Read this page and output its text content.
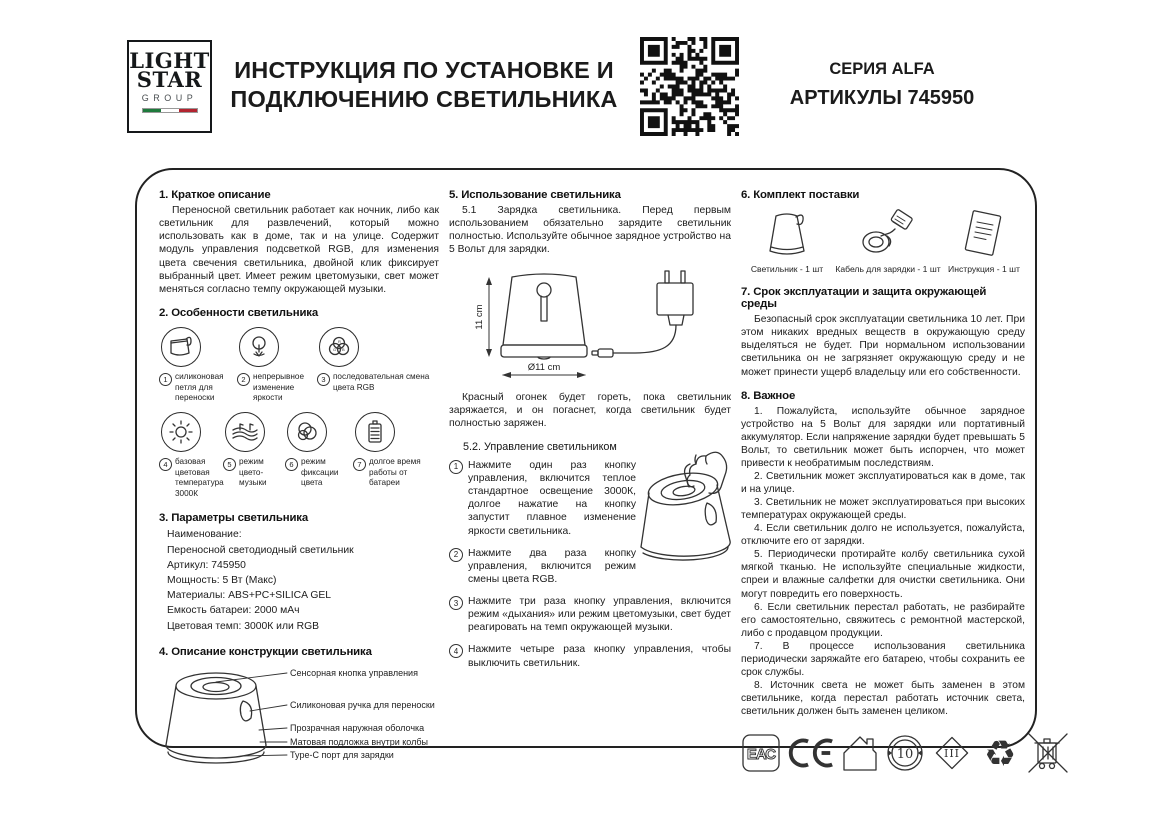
LIGHT
STAR
GROUP
ИНСТРУКЦИЯ ПО УСТАНОВКЕ И
ПОДКЛЮЧЕНИЮ СВЕТИЛЬНИКА
СЕРИЯ ALFA
АРТИКУЛЫ 745950
1. Краткое описание

Переносной светильник работает как ночник, либо как светильник для развлечений, который можно использовать как в доме, так и на улице. Содержит модуль управления подсветкой RGB, для изменения цвета свечения светильника, двойной клик фиксирует выбранный цвет. Имеет режим цветомузыки, свет может меняться согласно темпу окружающей музыки.

2. Особенности светильника
1 силиконовая петля для переноски
2 непрерывное изменение яркости
R
G B
3 последовательная смена цвета RGB
4 базовая цветовая температура 3000К
5 режим цвето- музыки
6 режим фиксации цвета
7 долгое время работы от батареи
3. Параметры светильника
Наименование:
Переносной светодиодный светильник
Артикул: 745950
Мощность: 5 Вт (Макс)
Материалы: ABS+PC+SILICA GEL
Емкость батареи: 2000 мАч
Цветовая темп: 3000К или RGB
4. Описание конструкции светильника
Сенсорная кнопка управления
Силиконовая ручка для переноски
Прозрачная наружная оболочка
Матовая подложка внутри колбы
Type-C порт для зарядки
5. Использование светильника

5.1 Зарядка светильника. Перед первым использованием обязательно зарядите светильник полностью. Используйте обычное зарядное устройство на 5 Вольт для зарядки.

11 cm
Ø11 cm

Красный огонек будет гореть, пока светильник заряжается, и он погаснет, когда светильник будет полностью заряжен.

5.2. Управление светильником
1 Нажмите один раз кнопку управления, включится теплое стандартное освещение 3000К, долгое нажатие на кнопку запустит плавное изменение яркости светильника.

2 Нажмите два раза кнопку управления, включится режим смены цвета RGB.

3 Нажмите три раза кнопку управления, включится режим «дыхания» или режим цветомузыки, свет будет реагировать на темп окружающей музыки.

4 Нажмите четыре раза кнопку управления, чтобы выключить светильник.

6. Комплект поставки
Светильник - 1 шт Кабель для зарядки - 1 шт Инструкция - 1 шт
7. Срок эксплуатации и защита окружающей среды

Безопасный срок эксплуатации светильника 10 лет. При этом никаких вредных веществ в окружающую среду выделяться не будет. При нормальном использовании светильника он не загрязняет окружающую среду и не может принести ущерб владельцу или его собственности.

8. Важное

1. Пожалуйста, используйте обычное зарядное устройство на 5 Вольт для зарядки или портативный аккумулятор. Если напряжение зарядки будет превышать 5 Вольт, то светильник может быть испорчен, что может привести к необратимым последствиям.

2. Светильник может эксплуатироваться как в доме, так и на улице.

3. Светильник не может эксплуатироваться при высоких температурах окружающей среды.

4. Если светильник долго не используется, пожалуйста, отключите его от зарядки.

5. Периодически протирайте колбу светильника сухой мягкой тканью. Не используйте специальные жидкости, спреи и влажные салфетки для очистки светильника. Они могут повредить его поверхность.

6. Если светильник перестал работать, не разбирайте его самостоятельно, свяжитесь с ремонтной мастерской, либо с продавцом продукции.

7. В процессе использования светильника периодически заряжайте его батарею, чтобы сохранить ее срок службы.

8. Источник света не может быть заменен в этом светильнике, когда перестал работать источник света, светильник должен быть заменен целиком.

ЕАС	10	III ♻
